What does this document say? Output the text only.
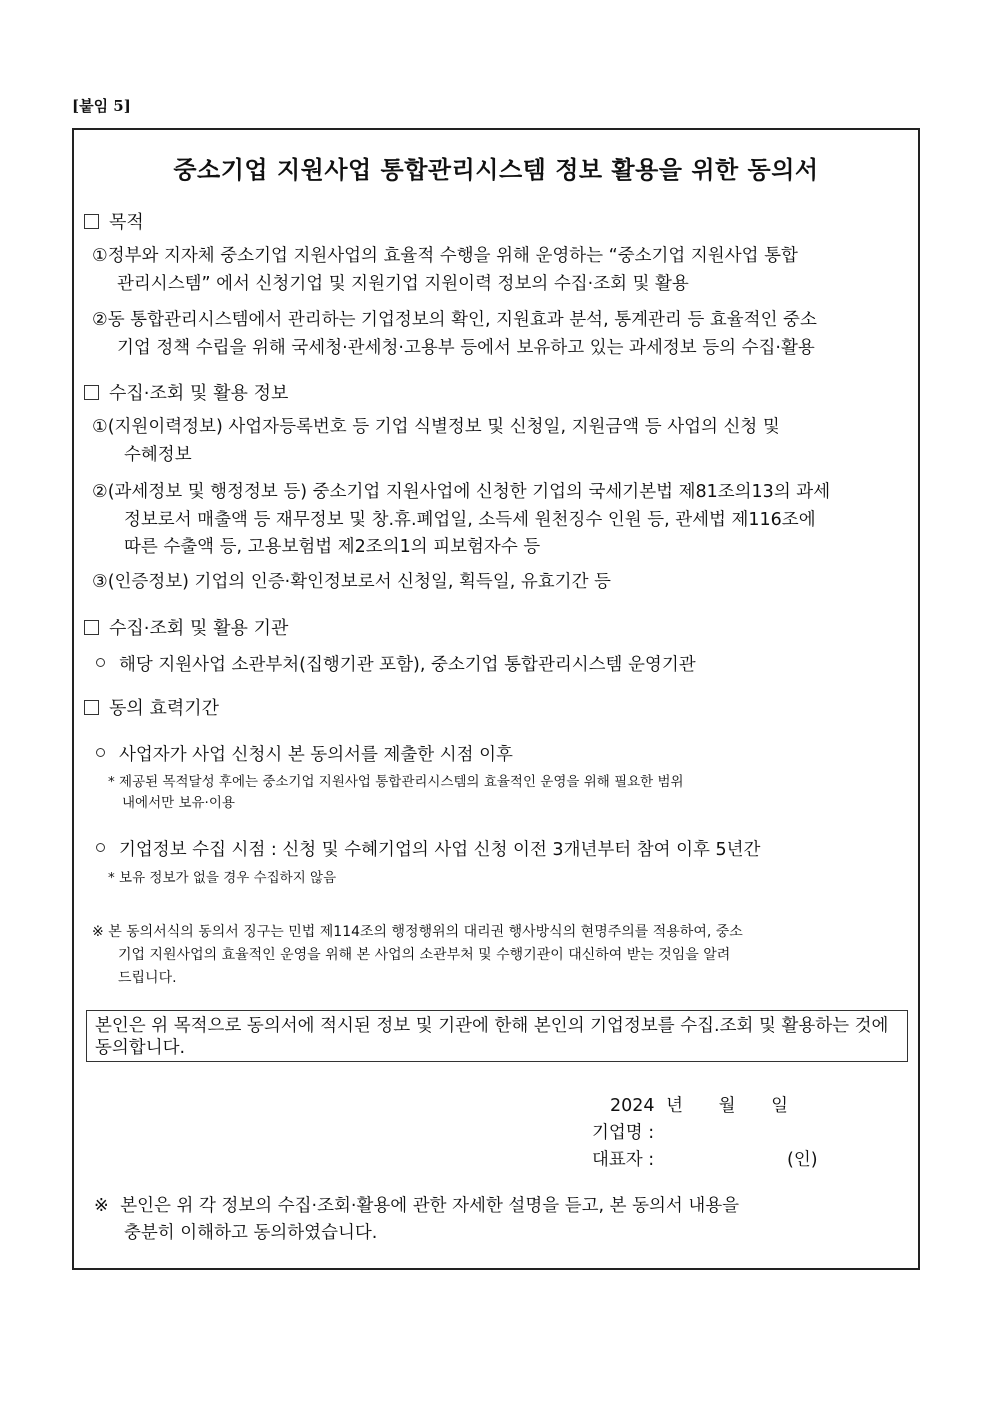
[붙임 5]
중소기업 지원사업 통합관리시스템 정보 활용을 위한 동의서
목적
①정부와 지자체 중소기업 지원사업의 효율적 수행을 위해 운영하는 “중소기업 지원사업 통합
관리시스템” 에서 신청기업 및 지원기업 지원이력 정보의 수집·조회 및 활용
②동 통합관리시스템에서 관리하는 기업정보의 확인, 지원효과 분석, 통계관리 등 효율적인 중소
기업 정책 수립을 위해 국세청·관세청·고용부 등에서 보유하고 있는 과세정보 등의 수집·활용
수집·조회 및 활용 정보
①(지원이력정보) 사업자등록번호 등 기업 식별정보 및 신청일, 지원금액 등 사업의 신청 및
수혜정보
②(과세정보 및 행정정보 등) 중소기업 지원사업에 신청한 기업의 국세기본법 제81조의13의 과세
정보로서 매출액 등 재무정보 및 창.휴.폐업일, 소득세 원천징수 인원 등, 관세법 제116조에
따른 수출액 등, 고용보험법 제2조의1의 피보험자수 등
③(인증정보) 기업의 인증·확인정보로서 신청일, 획득일, 유효기간 등
수집·조회 및 활용 기관
해당 지원사업 소관부처(집행기관 포함), 중소기업 통합관리시스템 운영기관
동의 효력기간
사업자가 사업 신청시 본 동의서를 제출한 시점 이후
* 제공된 목적달성 후에는 중소기업 지원사업 통합관리시스템의 효율적인 운영을 위해 필요한 범위
내에서만 보유·이용
기업정보 수집 시점 : 신청 및 수혜기업의 사업 신청 이전 3개년부터 참여 이후 5년간
* 보유 정보가 없을 경우 수집하지 않음
※ 본 동의서식의 동의서 징구는 민법 제114조의 행정행위의 대리권 행사방식의 현명주의를 적용하여, 중소
기업 지원사업의 효율적인 운영을 위해 본 사업의 소관부처 및 수행기관이 대신하여 받는 것임을 알려
드립니다.
본인은 위 목적으로 동의서에 적시된 정보 및 기관에 한해 본인의 기업정보를 수집.조회 및 활용하는 것에 동의합니다.
2024 년 월 일
기업명 :
대표자 :	(인)
※ 본인은 위 각 정보의 수집·조회·활용에 관한 자세한 설명을 듣고, 본 동의서 내용을
충분히 이해하고 동의하였습니다.
